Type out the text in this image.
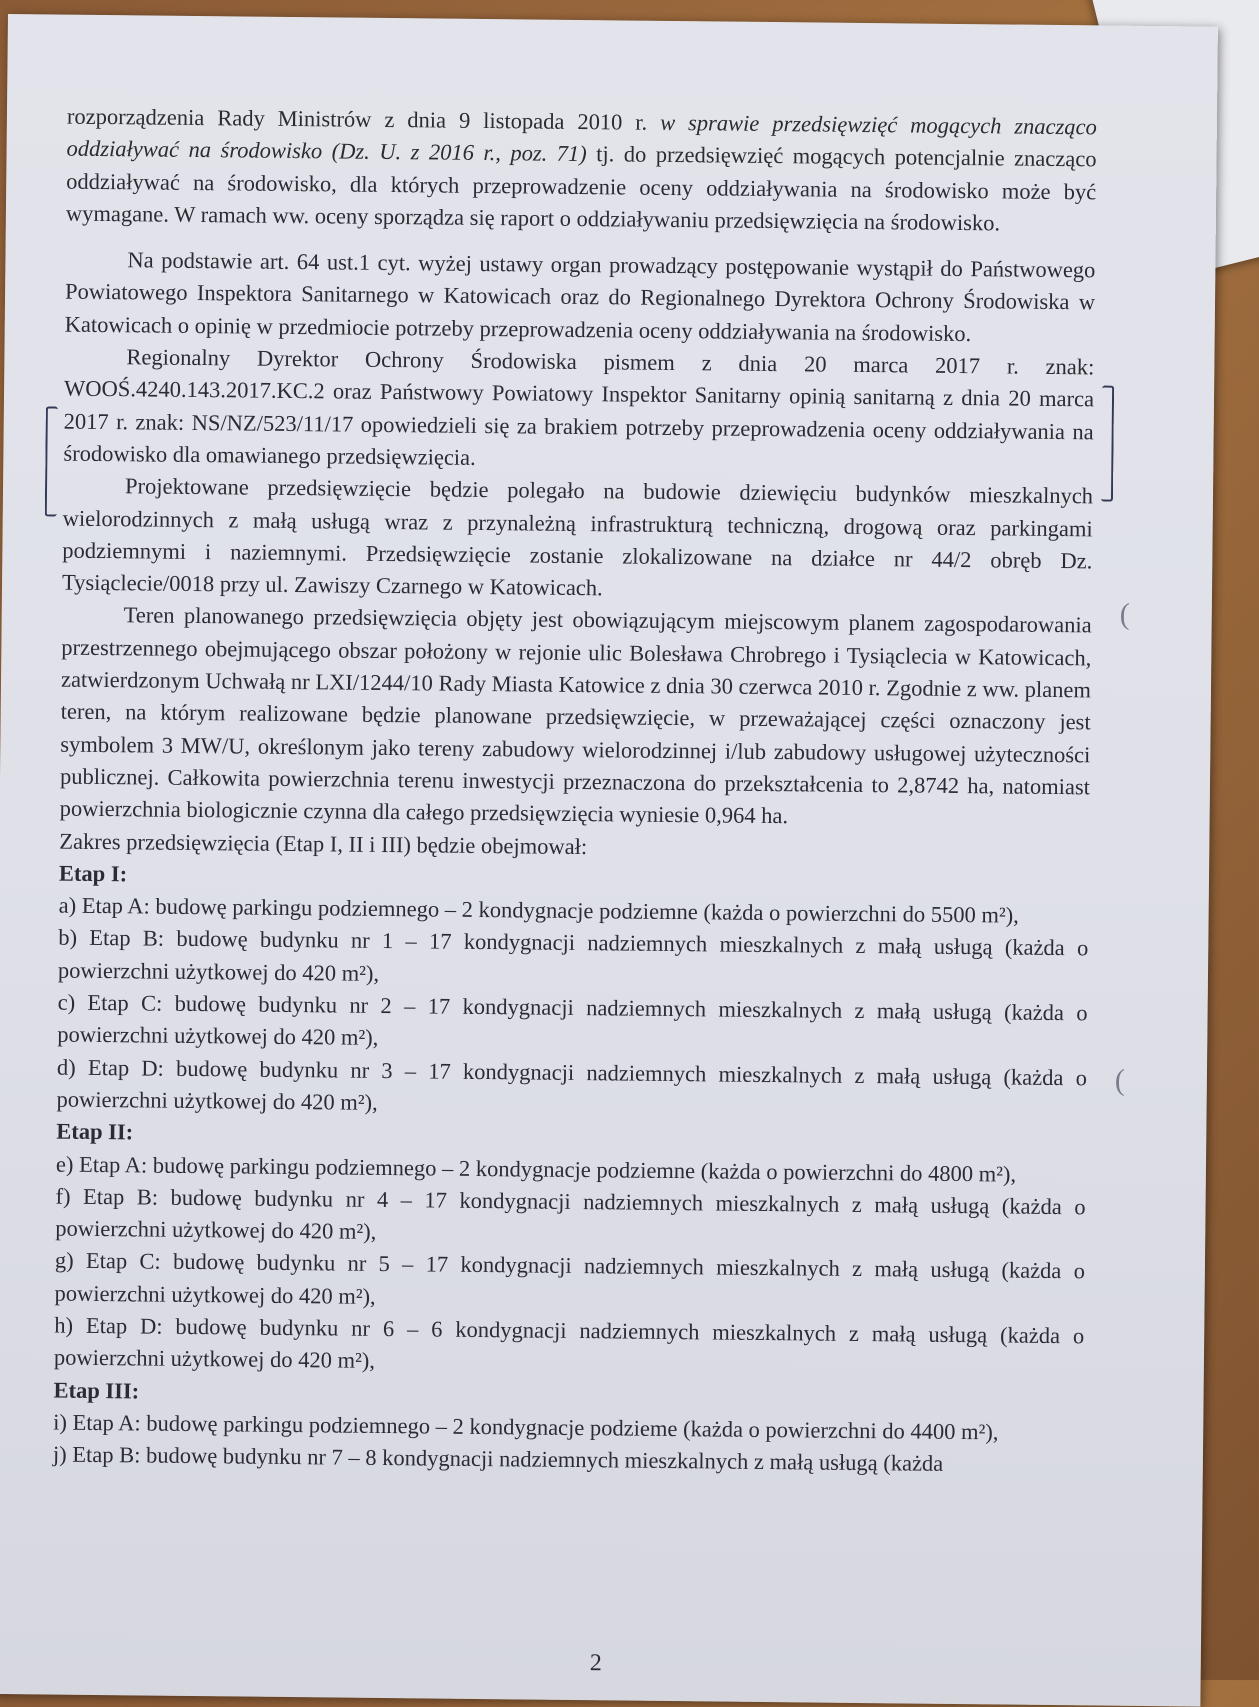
(
(

rozporządzenia Rady Ministrów z dnia 9 listopada 2010 r. w sprawie przedsięwzięć mogących znacząco oddziaływać na środowisko (Dz. U. z 2016 r., poz. 71) tj. do przedsięwzięć mogących potencjalnie znacząco oddziaływać na środowisko, dla których przeprowadzenie oceny oddziaływania na środowisko może być wymagane. W ramach ww. oceny sporządza się raport o oddziaływaniu przedsięwzięcia na środowisko.

Na podstawie art. 64 ust.1 cyt. wyżej ustawy organ prowadzący postępowanie wystąpił do Państwowego Powiatowego Inspektora Sanitarnego w Katowicach oraz do Regionalnego Dyrektora Ochrony Środowiska w Katowicach o opinię w przedmiocie potrzeby przeprowadzenia oceny oddziaływania na środowisko.

Regionalny Dyrektor Ochrony Środowiska pismem z dnia 20 marca 2017 r. znak: WOOŚ.4240.143.2017.KC.2 oraz Państwowy Powiatowy Inspektor Sanitarny opinią sanitarną z dnia 20 marca 2017 r. znak: NS/NZ/523/11/17 opowiedzieli się za brakiem potrzeby przeprowadzenia oceny oddziaływania na środowisko dla omawianego przedsięwzięcia.

Projektowane przedsięwzięcie będzie polegało na budowie dziewięciu budynków mieszkalnych wielorodzinnych z małą usługą wraz z przynależną infrastrukturą techniczną, drogową oraz parkingami podziemnymi i naziemnymi. Przedsięwzięcie zostanie zlokalizowane na działce nr 44/2 obręb Dz. Tysiąclecie/0018 przy ul. Zawiszy Czarnego w Katowicach.

Teren planowanego przedsięwzięcia objęty jest obowiązującym miejscowym planem zagospodarowania przestrzennego obejmującego obszar położony w rejonie ulic Bolesława Chrobrego i Tysiąclecia w Katowicach, zatwierdzonym Uchwałą nr LXI/1244/10 Rady Miasta Katowice z dnia 30 czerwca 2010 r. Zgodnie z ww. planem teren, na którym realizowane będzie planowane przedsięwzięcie, w przeważającej części oznaczony jest symbolem 3 MW/U, określonym jako tereny zabudowy wielorodzinnej i/lub zabudowy usługowej użyteczności publicznej. Całkowita powierzchnia terenu inwestycji przeznaczona do przekształcenia to 2,8742 ha, natomiast powierzchnia biologicznie czynna dla całego przedsięwzięcia wyniesie 0,964 ha.

Zakres przedsięwzięcia (Etap I, II i III) będzie obejmował:

Etap I:

a) Etap A: budowę parkingu podziemnego – 2 kondygnacje podziemne (każda o powierzchni do 5500 m²),

b) Etap B: budowę budynku nr 1 – 17 kondygnacji nadziemnych mieszkalnych z małą usługą (każda o powierzchni użytkowej do 420 m²),

c) Etap C: budowę budynku nr 2 – 17 kondygnacji nadziemnych mieszkalnych z małą usługą (każda o powierzchni użytkowej do 420 m²),

d) Etap D: budowę budynku nr 3 – 17 kondygnacji nadziemnych mieszkalnych z małą usługą (każda o powierzchni użytkowej do 420 m²),

Etap II:

e) Etap A: budowę parkingu podziemnego – 2 kondygnacje podziemne (każda o powierzchni do 4800 m²),

f) Etap B: budowę budynku nr 4 – 17 kondygnacji nadziemnych mieszkalnych z małą usługą (każda o powierzchni użytkowej do 420 m²),

g) Etap C: budowę budynku nr 5 – 17 kondygnacji nadziemnych mieszkalnych z małą usługą (każda o powierzchni użytkowej do 420 m²),

h) Etap D: budowę budynku nr 6 – 6 kondygnacji nadziemnych mieszkalnych z małą usługą (każda o powierzchni użytkowej do 420 m²),

Etap III:

i) Etap A: budowę parkingu podziemnego – 2 kondygnacje podzieme (każda o powierzchni do 4400 m²),

j) Etap B: budowę budynku nr 7 – 8 kondygnacji nadziemnych mieszkalnych z małą usługą (każda

2
